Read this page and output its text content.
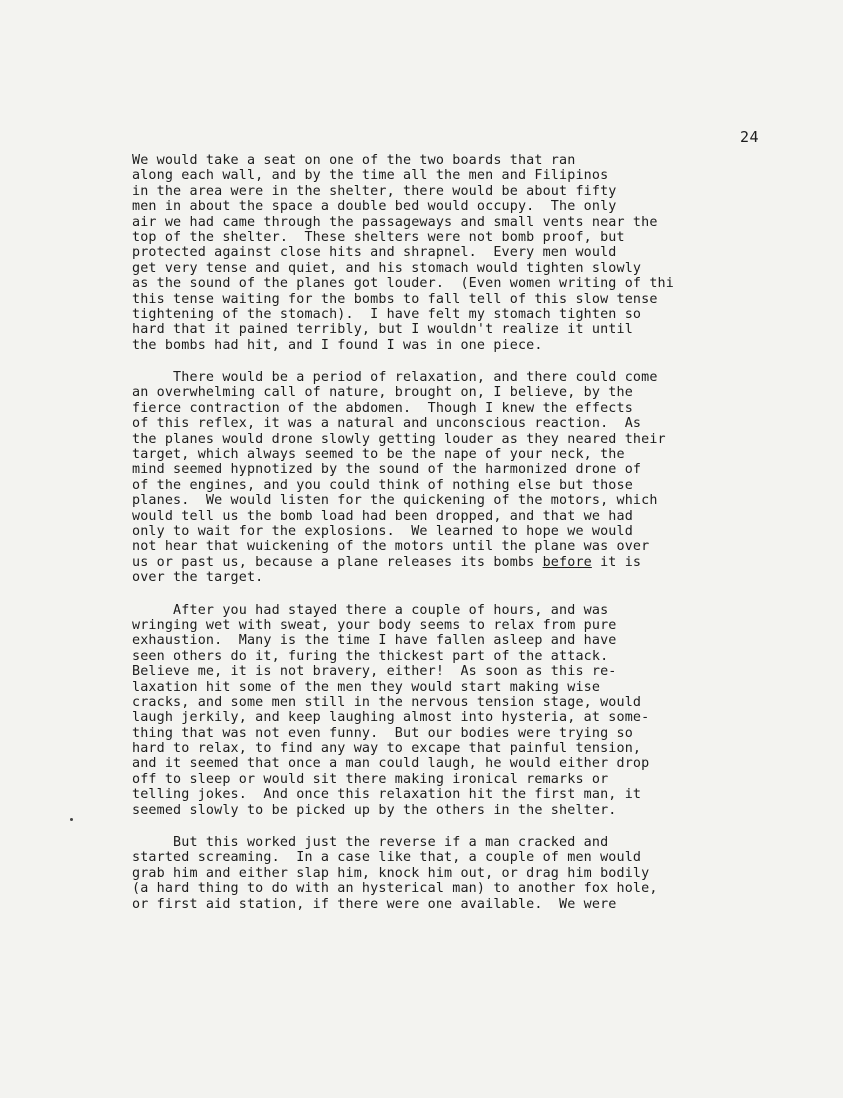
24
We would take a seat on one of the two boards that ran
along each wall, and by the time all the men and Filipinos
in the area were in the shelter, there would be about fifty
men in about the space a double bed would occupy.  The only
air we had came through the passageways and small vents near the
top of the shelter.  These shelters were not bomb proof, but
protected against close hits and shrapnel.  Every men would
get very tense and quiet, and his stomach would tighten slowly
as the sound of the planes got louder.  (Even women writing of thi
this tense waiting for the bombs to fall tell of this slow tense
tightening of the stomach).  I have felt my stomach tighten so
hard that it pained terribly, but I wouldn't realize it until
the bombs had hit, and I found I was in one piece.
There would be a period of relaxation, and there could come
an overwhelming call of nature, brought on, I believe, by the
fierce contraction of the abdomen.  Though I knew the effects
of this reflex, it was a natural and unconscious reaction.  As
the planes would drone slowly getting louder as they neared their
target, which always seemed to be the nape of your neck, the
mind seemed hypnotized by the sound of the harmonized drone of
of the engines, and you could think of nothing else but those
planes.  We would listen for the quickening of the motors, which
would tell us the bomb load had been dropped, and that we had
only to wait for the explosions.  We learned to hope we would
not hear that wuickening of the motors until the plane was over
us or past us, because a plane releases its bombs before it is
over the target.
After you had stayed there a couple of hours, and was
wringing wet with sweat, your body seems to relax from pure
exhaustion.  Many is the time I have fallen asleep and have
seen others do it, furing the thickest part of the attack.
Believe me, it is not bravery, either!  As soon as this re-
laxation hit some of the men they would start making wise
cracks, and some men still in the nervous tension stage, would
laugh jerkily, and keep laughing almost into hysteria, at some-
thing that was not even funny.  But our bodies were trying so
hard to relax, to find any way to excape that painful tension,
and it seemed that once a man could laugh, he would either drop
off to sleep or would sit there making ironical remarks or
telling jokes.  And once this relaxation hit the first man, it
seemed slowly to be picked up by the others in the shelter.
But this worked just the reverse if a man cracked and
started screaming.  In a case like that, a couple of men would
grab him and either slap him, knock him out, or drag him bodily
(a hard thing to do with an hysterical man) to another fox hole,
or first aid station, if there were one available.  We were
